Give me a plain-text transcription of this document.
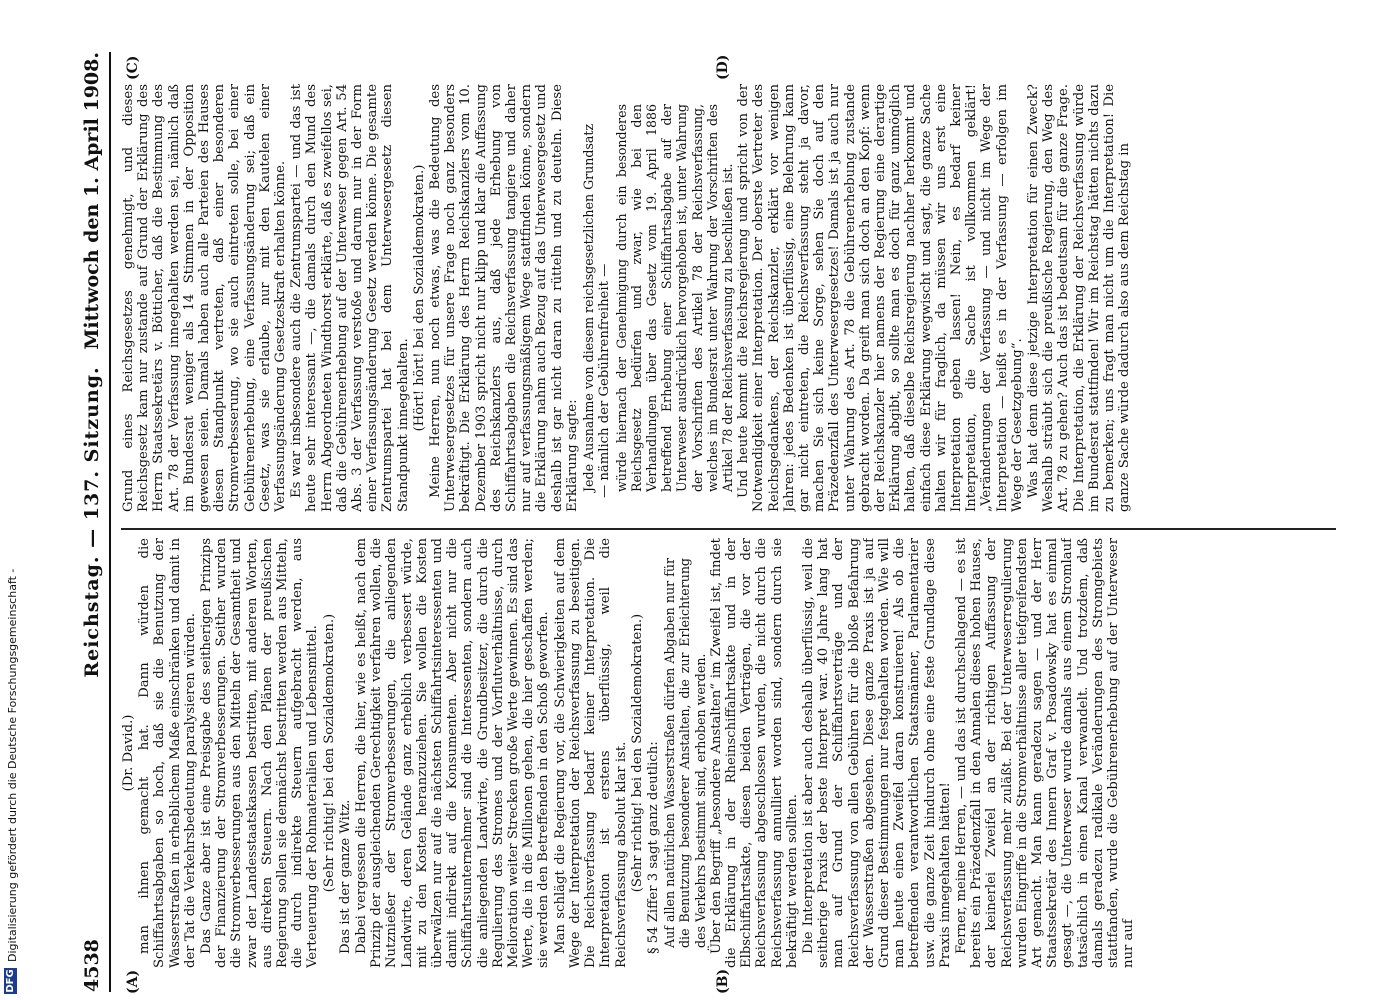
4538
Reichstag. — 137. Sitzung.
Mittwoch den 1. April 1908.
(A)	(B)
(C)	(D)

(Dr. David.) man ihnen gemacht hat. Dann würden die Schiffahrtsabgaben so hoch, daß sie die Benutzung der Wasserstraßen in erheblichem Maße einschränken und damit in der Tat die Verkehrsbedeutung paralysieren würden. Das Ganze aber ist eine Preisgabe des seitherigen Prinzips der Finanzierung der Stromverbesserungen. Seither wurden die Stromverbesserungen aus den Mitteln der Gesamtheit und zwar der Landesstaatskassen bestritten, mit anderen Worten, aus direkten Steuern. Nach den Plänen der preußischen Regierung sollen sie demnächst bestritten werden aus Mitteln, die durch indirekte Steuern aufgebracht werden, aus Verteuerung der Rohmaterialien und Lebensmittel. (Sehr richtig! bei den Sozialdemokraten.) Das ist der ganze Witz. Dabei vergessen die Herren, die hier, wie es heißt, nach dem Prinzip der ausgleichenden Gerechtigkeit verfahren wollen, die Nutznießer der Stromverbesserungen, die anliegenden Landwirte, deren Gelände ganz erheblich verbessert würde, mit zu den Kosten heranzuziehen. Sie wollen die Kosten überwälzen nur auf die nächsten Schiffahrtsinteressenten und damit indirekt auf die Konsumenten. Aber nicht nur die Schiffahrtsunternehmer sind die Interessenten, sondern auch die anliegenden Landwirte, die Grundbesitzer, die durch die Regulierung des Stromes und der Vorflutverhältnisse, durch Melioration weiter Strecken große Werte gewinnen. Es sind das Werte, die in die Millionen gehen, die hier geschaffen werden; sie werden den Betreffenden in den Schoß geworfen. Man schlägt die Regierung vor, die Schwierigkeiten auf dem Wege der Interpretation der Reichsverfassung zu beseitigen. Die Reichsverfassung bedarf keiner Interpretation. Die Interpretation ist erstens überflüssig, weil die Reichsverfassung absolut klar ist. (Sehr richtig! bei den Sozialdemokraten.) § 54 Ziffer 3 sagt ganz deutlich: Auf allen natürlichen Wasserstraßen dürfen Abgaben nur für die Benutzung besonderer Anstalten, die zur Erleichterung des Verkehrs bestimmt sind, erhoben werden. Über den Begriff „besondere Anstalten“ im Zweifel ist, findet die Erklärung in der Rheinschiffahrtsakte und in der Elbschiffahrtsakte, diesen beiden Verträgen, die vor der Reichsverfassung abgeschlossen wurden, die nicht durch die Reichsverfassung annulliert worden sind, sondern durch sie bekräftigt werden sollten. Die Interpretation ist aber auch deshalb überflüssig, weil die seitherige Praxis der beste Interpret war. 40 Jahre lang hat man auf Grund der Schiffahrtsverträge und der Reichsverfassung von allen Gebühren für die bloße Befahrung der Wasserstraßen abgesehen. Diese ganze Praxis ist ja auf Grund dieser Bestimmungen nur festgehalten worden. Wie will man heute einen Zweifel daran konstruieren! Als ob die betreffenden verantwortlichen Staatsmänner, Parlamentarier usw. die ganze Zeit hindurch ohne eine feste Grundlage diese Praxis innegehalten hätten! Ferner, meine Herren, — und das ist durchschlagend — es ist bereits ein Präzedenzfall in den Annalen dieses hohen Hauses, der keinerlei Zweifel an der richtigen Auffassung der Reichsverfassung mehr zuläßt. Bei der Unterweserregulierung wurden Eingriffe in die Stromverhältnisse aller tiefgreifendsten Art gemacht. Man kann geradezu sagen — und der Herr Staatssekretär des Innern Graf v. Posadowsky hat es einmal gesagt —, die Unterweser wurde damals aus einem Stromlauf tatsächlich in einen Kanal verwandelt. Und trotzdem, daß damals geradezu radikale Veränderungen des Stromgebiets stattfanden, wurde die Gebührenerhebung auf der Unterweser nur auf

Grund eines Reichsgesetzes genehmigt, und dieses Reichsgesetz kam nur zustande auf Grund der Erklärung des Herrn Staatssekretärs v. Bötticher, daß die Bestimmung des Art. 78 der Verfassung innegehalten werden sei, nämlich daß im Bundesrat weniger als 14 Stimmen in der Opposition gewesen seien. Damals haben auch alle Parteien des Hauses diesen Standpunkt vertreten, daß einer besonderen Stromverbesserung, wo sie auch eintreten solle, bei einer Gebührenerhebung, eine Verfassungsänderung sei; daß ein Gesetz, was sie erlaube, nur mit den Kautelen einer Verfassungsänderung Gesetzeskraft erhalten könne. Es war insbesondere auch die Zentrumspartei — und das ist heute sehr interessant —, die damals durch den Mund des Herrn Abgeordneten Windthorst erklärte, daß es zweifellos sei, daß die Gebührenerhebung auf der Unterweser gegen Art. 54 Abs. 3 der Verfassung verstoße und darum nur in der Form einer Verfassungsänderung Gesetz werden könne. Die gesamte Zentrumspartei hat bei dem Unterwesergesetz diesen Standpunkt innegehalten. (Hört! hört! bei den Sozialdemokraten.) Meine Herren, nun noch etwas, was die Bedeutung des Unterwesergesetzes für unsere Frage noch ganz besonders bekräftigt. Die Erklärung des Herrn Reichskanzlers vom 10. Dezember 1903 spricht nicht nur klipp und klar die Auffassung des Reichskanzlers aus, daß jede Erhebung von Schiffahrtsabgaben die Reichsverfassung tangiere und daher nur auf verfassungsmäßigem Wege stattfinden könne, sondern die Erklärung nahm auch Bezug auf das Unterwesergesetz und deshalb ist gar nicht daran zu rütteln und zu deuteln. Diese Erklärung sagte: Jede Ausnahme von diesem reichsgesetzlichen Grundsatz — nämlich der Gebührenfreiheit — würde hiernach der Genehmigung durch ein besonderes Reichsgesetz bedürfen und zwar, wie bei den Verhandlungen über das Gesetz vom 19. April 1886 betreffend Erhebung einer Schiffahrtsabgabe auf der Unterweser ausdrücklich hervorgehoben ist, unter Wahrung der Vorschriften des Artikel 78 der Reichsverfassung, welches im Bundesrat unter Wahrung der Vorschriften des Artikel 78 der Reichsverfassung zu beschließen ist. Und heute kommt die Reichsregierung und spricht von der Notwendigkeit einer Interpretation. Der oberste Vertreter des Reichsgedankens, der Reichskanzler, erklärt vor wenigen Jahren: jedes Bedenken ist überflüssig, eine Belehrung kann gar nicht eintreten, die Reichsverfassung steht ja davor, machen Sie sich keine Sorge, sehen Sie doch auf den Präzedenzfall des Unterwesergesetzes! Damals ist ja auch nur unter Wahrung des Art. 78 die Gebührenerhebung zustande gebracht worden. Da greift man sich doch an den Kopf: wenn der Reichskanzler hier namens der Regierung eine derartige Erklärung abgibt, so sollte man es doch für ganz unmöglich halten, daß dieselbe Reichsregierung nachher herkommt und einfach diese Erklärung wegwischt und sagt, die ganze Sache halten wir für fraglich, da müssen wir uns erst eine Interpretation geben lassen! Nein, es bedarf keiner Interpretation, die Sache ist vollkommen geklärt! „Veränderungen der Verfassung — und nicht im Wege der Interpretation — heißt es in der Verfassung — erfolgen im Wege der Gesetzgebung“. Was hat denn diese jetzige Interpretation für einen Zweck? Weshalb sträubt sich die preußische Regierung, den Weg des Art. 78 zu gehen? Auch das ist bedeutsam für die ganze Frage. Die Interpretation, die Erklärung der Reichsverfassung würde im Bundesrat stattfinden! Wir im Reichstag hätten nichts dazu zu bemerken; uns fragt man nicht um die Interpretation! Die ganze Sache würde dadurch also aus dem Reichstag in

DFG
Digitalisierung gefördert durch die Deutsche Forschungsgemeinschaft -
